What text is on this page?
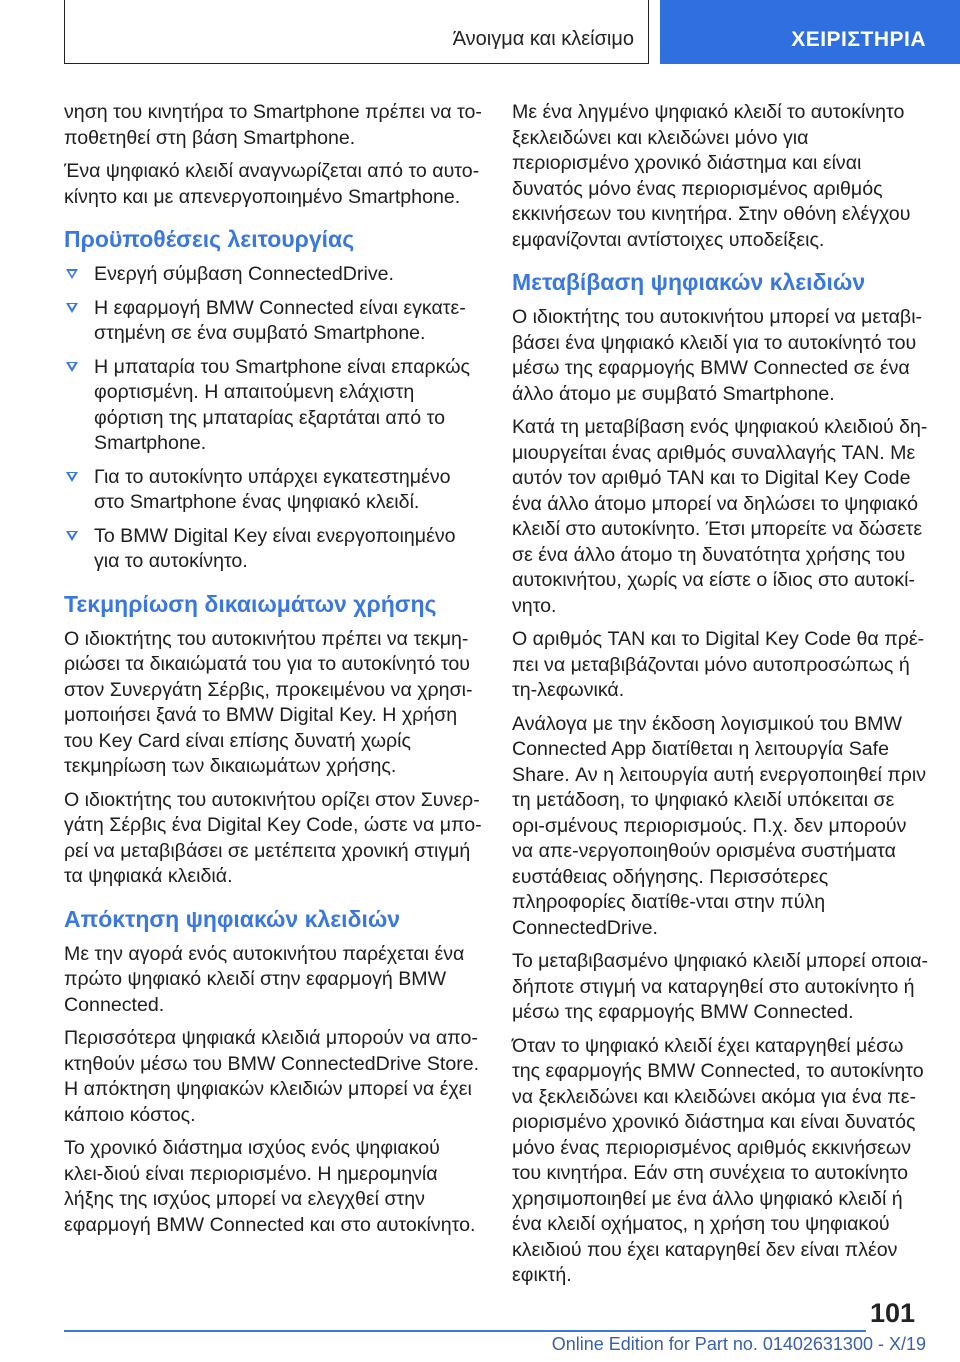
Άνοιγμα και κλείσιμο	ΧΕΙΡΙΣΤΗΡΙΑ

νηση του κινητήρα το Smartphone πρέπει να το-ποθετηθεί στη βάση Smartphone.

Ένα ψηφιακό κλειδί αναγνωρίζεται από το αυτο-κίνητο και με απενεργοποιημένο Smartphone.

Προϋποθέσεις λειτουργίας
Ενεργή σύμβαση ConnectedDrive.
Η εφαρμογή BMW Connected είναι εγκατε-στημένη σε ένα συμβατό Smartphone.
Η μπαταρία του Smartphone είναι επαρκώς φορτισμένη. Η απαιτούμενη ελάχιστη φόρτιση της μπαταρίας εξαρτάται από το Smartphone.
Για το αυτοκίνητο υπάρχει εγκατεστημένο στο Smartphone ένας ψηφιακό κλειδί.
Το BMW Digital Key είναι ενεργοποιημένο για το αυτοκίνητο.
Τεκμηρίωση δικαιωμάτων χρήσης

Ο ιδιοκτήτης του αυτοκινήτου πρέπει να τεκμη-ριώσει τα δικαιώματά του για το αυτοκίνητό του στον Συνεργάτη Σέρβις, προκειμένου να χρησι-μοποιήσει ξανά το BMW Digital Key. Η χρήση του Key Card είναι επίσης δυνατή χωρίς τεκμηρίωση των δικαιωμάτων χρήσης.

Ο ιδιοκτήτης του αυτοκινήτου ορίζει στον Συνερ-γάτη Σέρβις ένα Digital Key Code, ώστε να μπο-ρεί να μεταβιβάσει σε μετέπειτα χρονική στιγμή τα ψηφιακά κλειδιά.

Απόκτηση ψηφιακών κλειδιών

Με την αγορά ενός αυτοκινήτου παρέχεται ένα πρώτο ψηφιακό κλειδί στην εφαρμογή BMW Connected.

Περισσότερα ψηφιακά κλειδιά μπορούν να απο-κτηθούν μέσω του BMW ConnectedDrive Store. Η απόκτηση ψηφιακών κλειδιών μπορεί να έχει κάποιο κόστος.

Το χρονικό διάστημα ισχύος ενός ψηφιακού κλει-διού είναι περιορισμένο. Η ημερομηνία λήξης της ισχύος μπορεί να ελεγχθεί στην εφαρμογή BMW Connected και στο αυτοκίνητο.

Με ένα ληγμένο ψηφιακό κλειδί το αυτοκίνητο ξεκλειδώνει και κλειδώνει μόνο για περιορισμένο χρονικό διάστημα και είναι δυνατός μόνο ένας περιορισμένος αριθμός εκκινήσεων του κινητήρα. Στην οθόνη ελέγχου εμφανίζονται αντίστοιχες υποδείξεις.

Μεταβίβαση ψηφιακών κλειδιών

Ο ιδιοκτήτης του αυτοκινήτου μπορεί να μεταβι-βάσει ένα ψηφιακό κλειδί για το αυτοκίνητό του μέσω της εφαρμογής BMW Connected σε ένα άλλο άτομο με συμβατό Smartphone.

Κατά τη μεταβίβαση ενός ψηφιακού κλειδιού δη-μιουργείται ένας αριθμός συναλλαγής TAN. Με αυτόν τον αριθμό TAN και το Digital Key Code ένα άλλο άτομο μπορεί να δηλώσει το ψηφιακό κλειδί στο αυτοκίνητο. Έτσι μπορείτε να δώσετε σε ένα άλλο άτομο τη δυνατότητα χρήσης του αυτοκινήτου, χωρίς να είστε ο ίδιος στο αυτοκί-νητο.

Ο αριθμός TAN και το Digital Key Code θα πρέ-πει να μεταβιβάζονται μόνο αυτοπροσώπως ή τη-λεφωνικά.

Ανάλογα με την έκδοση λογισμικού του BMW Connected App διατίθεται η λειτουργία Safe Share. Αν η λειτουργία αυτή ενεργοποιηθεί πριν τη μετάδοση, το ψηφιακό κλειδί υπόκειται σε ορι-σμένους περιορισμούς. Π.χ. δεν μπορούν να απε-νεργοποιηθούν ορισμένα συστήματα ευστάθειας οδήγησης. Περισσότερες πληροφορίες διατίθε-νται στην πύλη ConnectedDrive.

Το μεταβιβασμένο ψηφιακό κλειδί μπορεί οποια-δήποτε στιγμή να καταργηθεί στο αυτοκίνητο ή μέσω της εφαρμογής BMW Connected.

Όταν το ψηφιακό κλειδί έχει καταργηθεί μέσω της εφαρμογής BMW Connected, το αυτοκίνητο να ξεκλειδώνει και κλειδώνει ακόμα για ένα πε-ριορισμένο χρονικό διάστημα και είναι δυνατός μόνο ένας περιορισμένος αριθμός εκκινήσεων του κινητήρα. Εάν στη συνέχεια το αυτοκίνητο χρησιμοποιηθεί με ένα άλλο ψηφιακό κλειδί ή ένα κλειδί οχήματος, η χρήση του ψηφιακού κλειδιού που έχει καταργηθεί δεν είναι πλέον εφικτή.

101
Online Edition for Part no. 01402631300 - X/19
